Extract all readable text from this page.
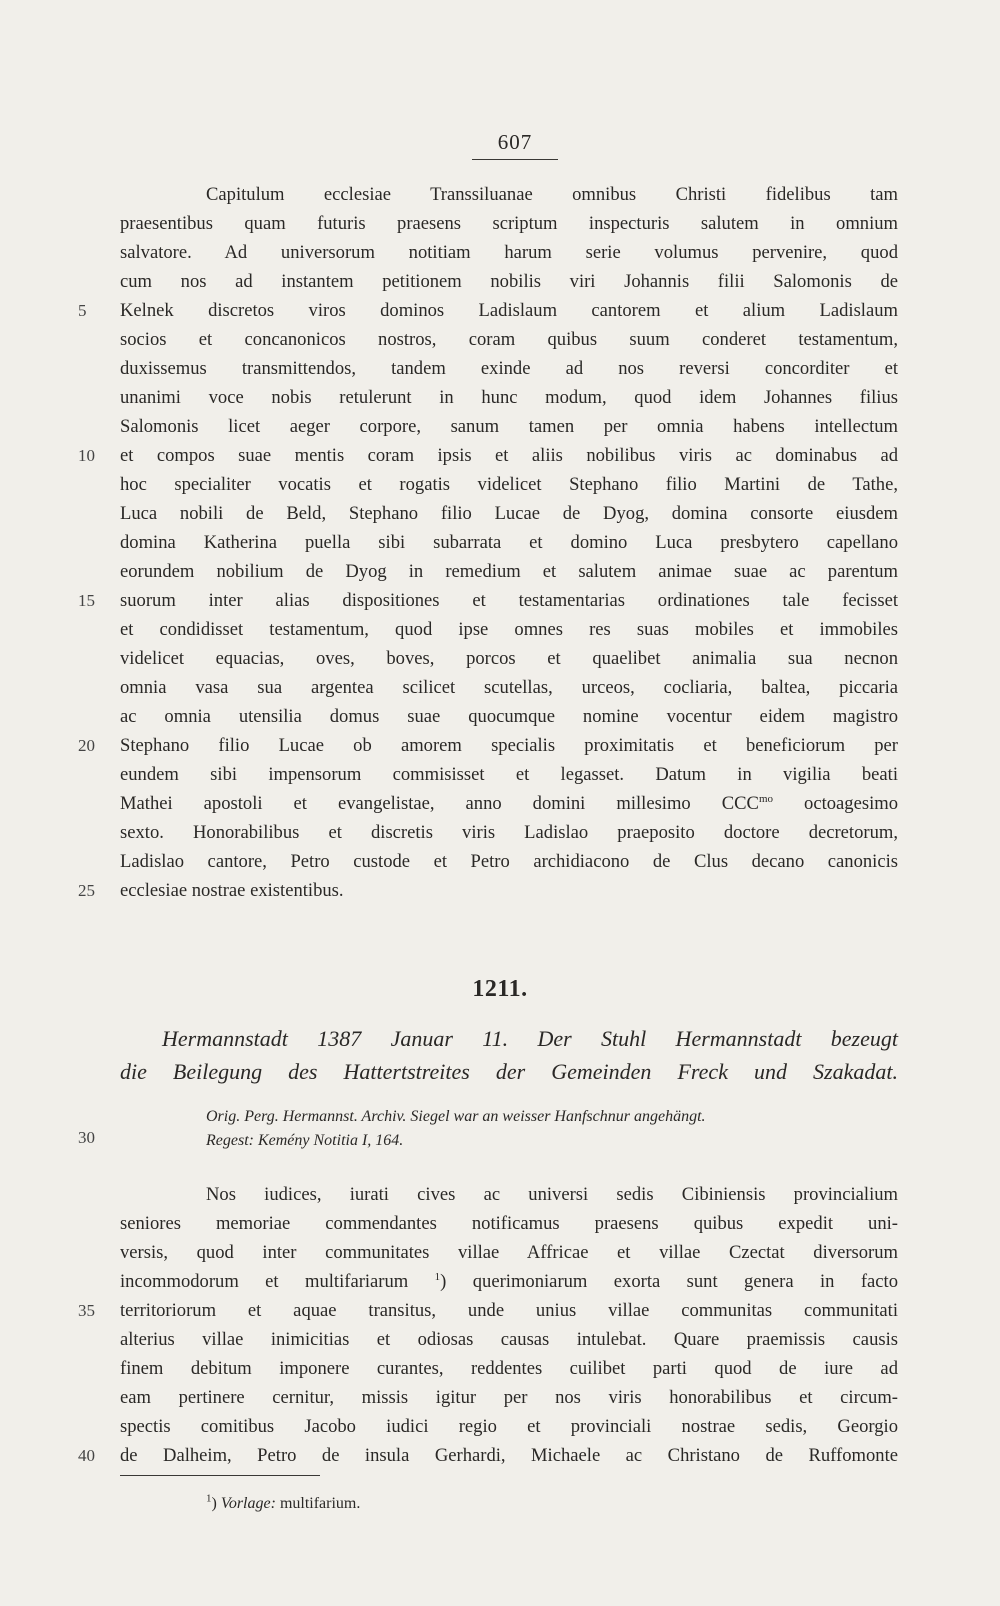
607
Capitulum ecclesiae Transsiluanae omnibus Christi fidelibus tam
praesentibus quam futuris praesens scriptum inspecturis salutem in omnium
salvatore. Ad universorum notitiam harum serie volumus pervenire, quod
cum nos ad instantem petitionem nobilis viri Johannis filii Salomonis de
Kelnek discretos viros dominos Ladislaum cantorem et alium Ladislaum
socios et concanonicos nostros, coram quibus suum conderet testamentum,
duxissemus transmittendos, tandem exinde ad nos reversi concorditer et
unanimi voce nobis retulerunt in hunc modum, quod idem Johannes filius
Salomonis licet aeger corpore, sanum tamen per omnia habens intellectum
et compos suae mentis coram ipsis et aliis nobilibus viris ac dominabus ad
hoc specialiter vocatis et rogatis videlicet Stephano filio Martini de Tathe,
Luca nobili de Beld, Stephano filio Lucae de Dyog, domina consorte eiusdem
domina Katherina puella sibi subarrata et domino Luca presbytero capellano
eorundem nobilium de Dyog in remedium et salutem animae suae ac parentum
suorum inter alias dispositiones et testamentarias ordinationes tale fecisset
et condidisset testamentum, quod ipse omnes res suas mobiles et immobiles
videlicet equacias, oves, boves, porcos et quaelibet animalia sua necnon
omnia vasa sua argentea scilicet scutellas, urceos, cocliaria, baltea, piccaria
ac omnia utensilia domus suae quocumque nomine vocentur eidem magistro
Stephano filio Lucae ob amorem specialis proximitatis et beneficiorum per
eundem sibi impensorum commisisset et legasset. Datum in vigilia beati
Mathei apostoli et evangelistae, anno domini millesimo $CCC^{mo}$ octoagesimo
sexto. Honorabilibus et discretis viris Ladislao praeposito doctore decretorum,
Ladislao cantore, Petro custode et Petro archidiacono de Clus decano canonicis
ecclesiae nostrae existentibus.
5
10
15
20
25
1211.
Hermannstadt 1387 Januar 11. Der Stuhl Hermannstadt bezeugt
die Beilegung des Hattertstreites der Gemeinden Freck und Szakadat.
Orig. Perg. Hermannst. Archiv. Siegel war an weisser Hanfschnur angehängt.
Regest: Kemény Notitia I, 164.
30
Nos iudices, iurati cives ac universi sedis Cibiniensis provincialium
seniores memoriae commendantes notificamus praesens quibus expedit uni-
versis, quod inter communitates villae Affricae et villae Czectat diversorum
incommodorum et multifariarum $^1$) querimoniarum exorta sunt genera in facto
territoriorum et aquae transitus, unde unius villae communitas communitati
alterius villae inimicitias et odiosas causas intulebat. Quare praemissis causis
finem debitum imponere curantes, reddentes cuilibet parti quod de iure ad
eam pertinere cernitur, missis igitur per nos viris honorabilibus et circum-
spectis comitibus Jacobo iudici regio et provinciali nostrae sedis, Georgio
de Dalheim, Petro de insula Gerhardi, Michaele ac Christano de Ruffomonte
35
40
$^1$) Vorlage: multifarium.
